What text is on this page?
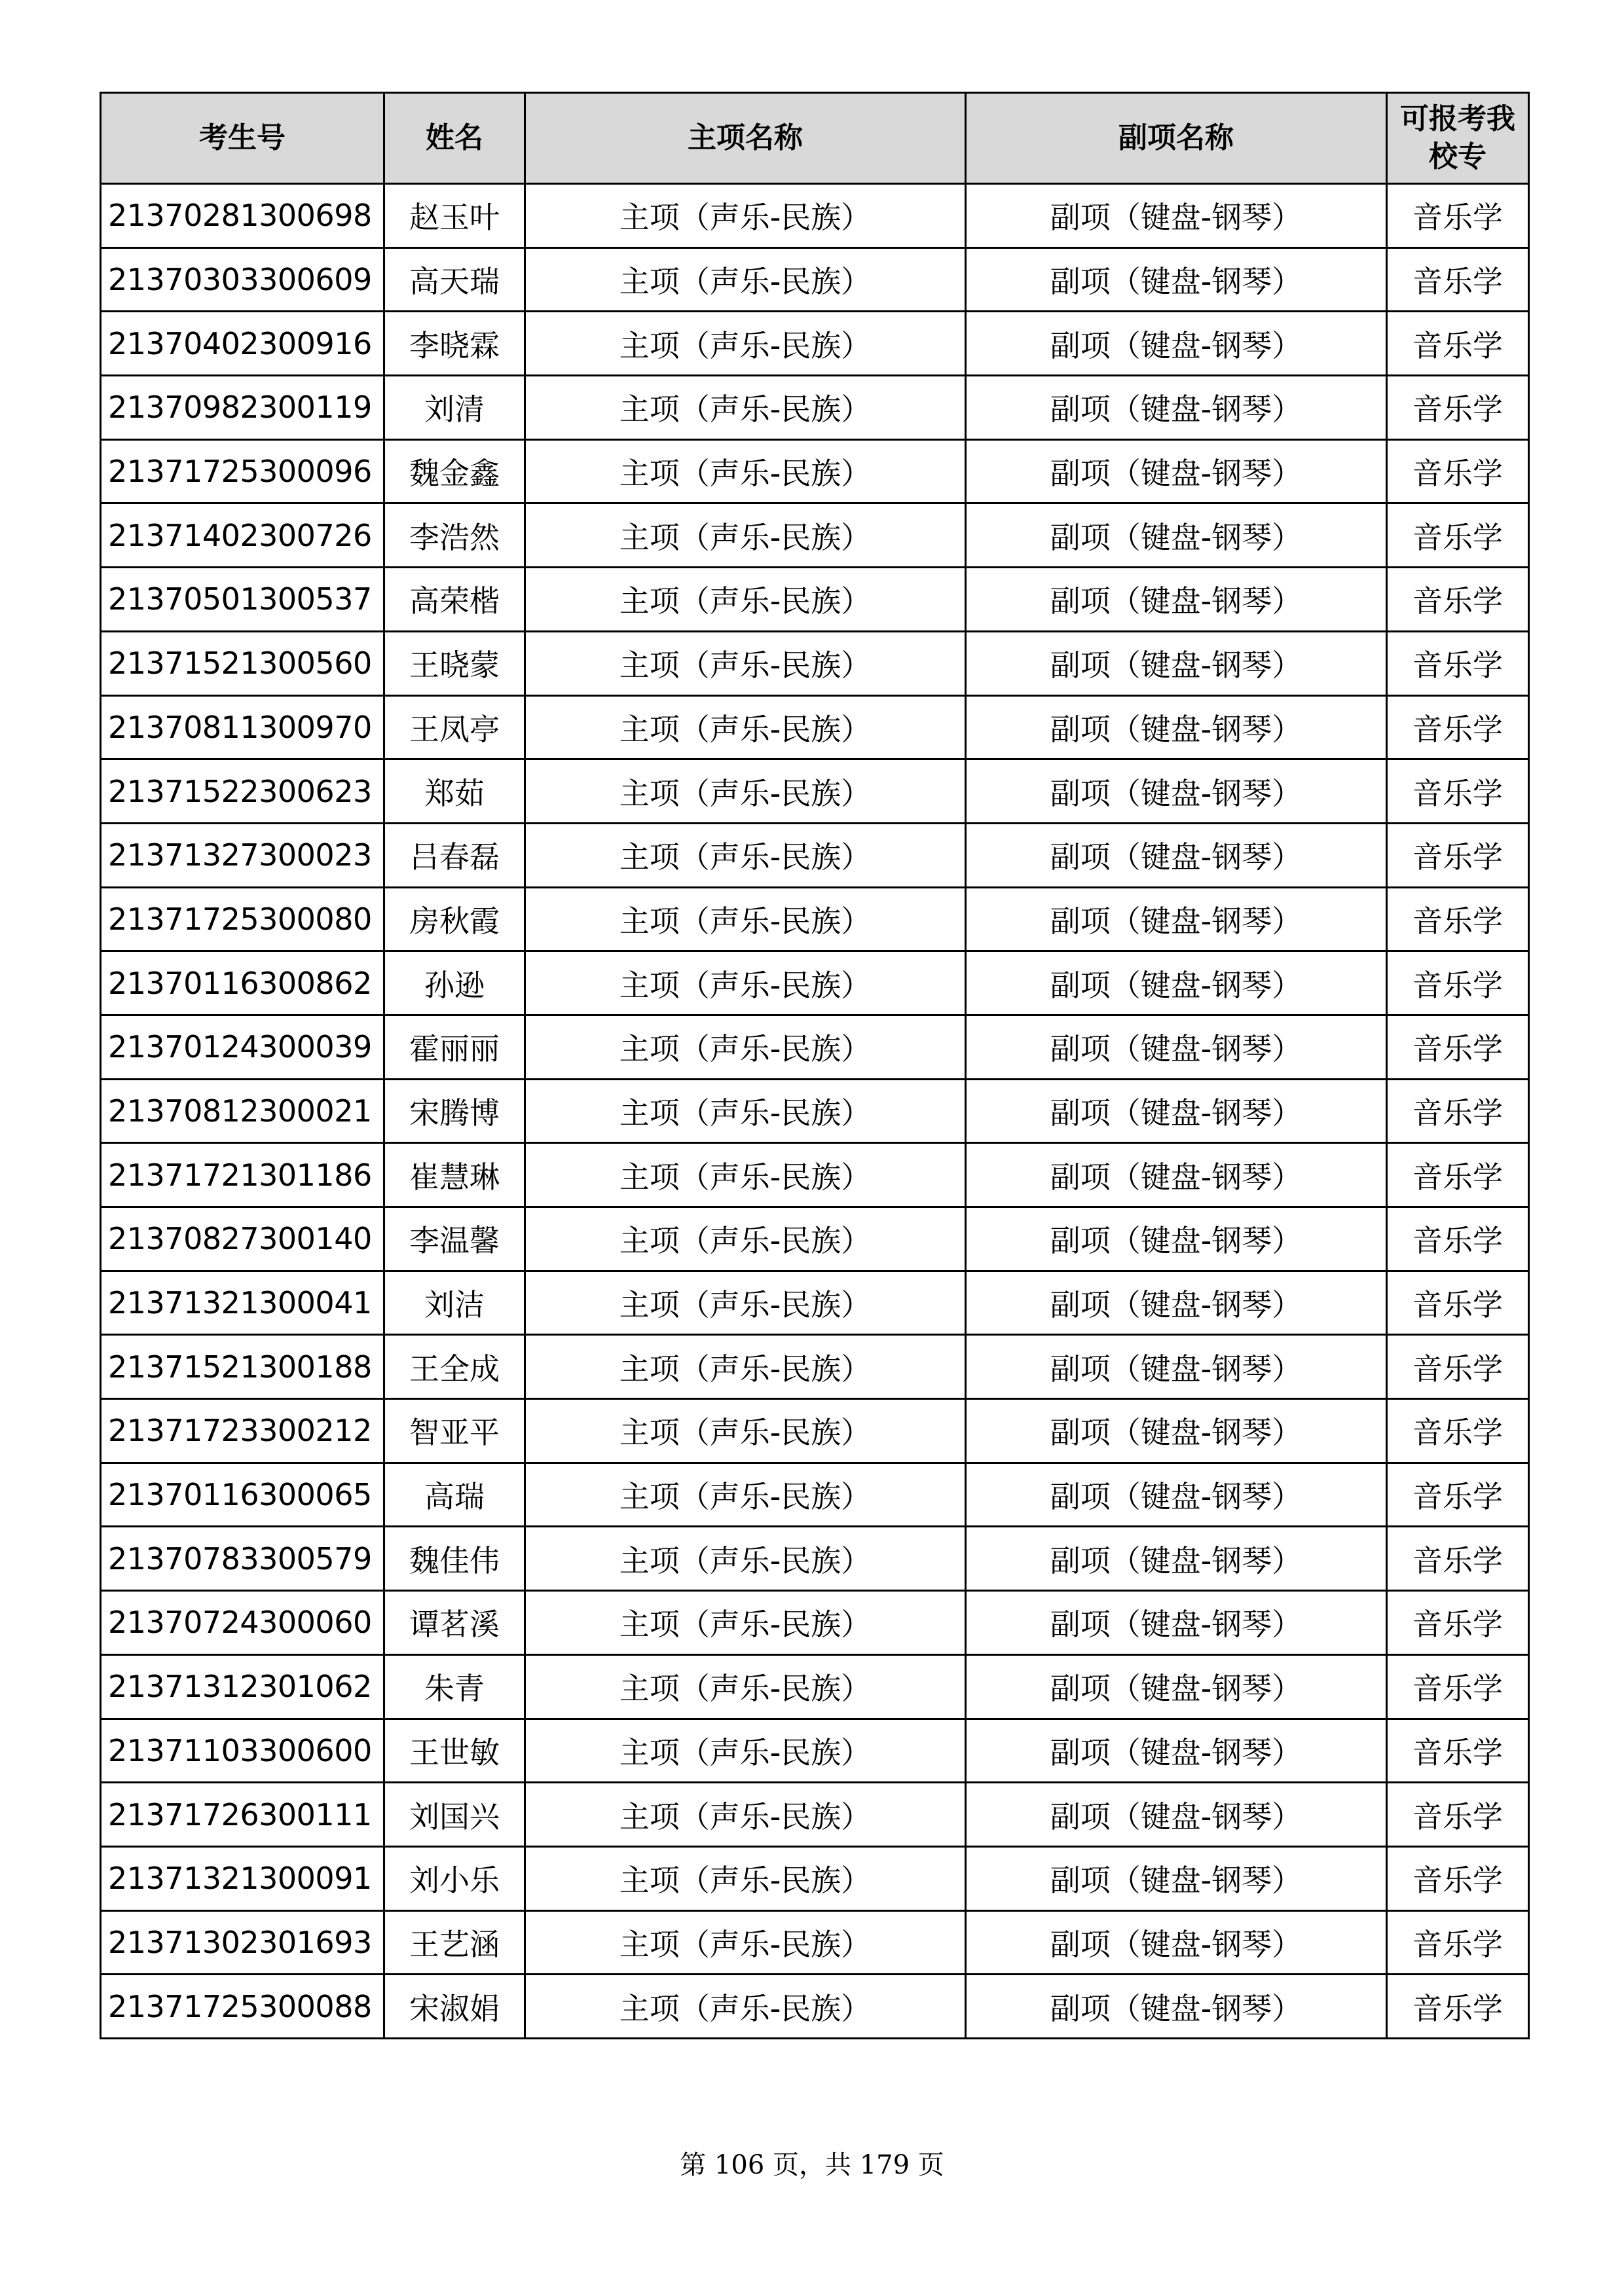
考生号	姓名	主项名称	副项名称	可报考我校专
21370281300698	赵玉叶	主项（声乐-民族）	副项（键盘-钢琴）	音乐学
21370303300609	高天瑞	主项（声乐-民族）	副项（键盘-钢琴）	音乐学
21370402300916	李晓霖	主项（声乐-民族）	副项（键盘-钢琴）	音乐学
21370982300119	刘清	主项（声乐-民族）	副项（键盘-钢琴）	音乐学
21371725300096	魏金鑫	主项（声乐-民族）	副项（键盘-钢琴）	音乐学
21371402300726	李浩然	主项（声乐-民族）	副项（键盘-钢琴）	音乐学
21370501300537	高荣楷	主项（声乐-民族）	副项（键盘-钢琴）	音乐学
21371521300560	王晓蒙	主项（声乐-民族）	副项（键盘-钢琴）	音乐学
21370811300970	王凤亭	主项（声乐-民族）	副项（键盘-钢琴）	音乐学
21371522300623	郑茹	主项（声乐-民族）	副项（键盘-钢琴）	音乐学
21371327300023	吕春磊	主项（声乐-民族）	副项（键盘-钢琴）	音乐学
21371725300080	房秋霞	主项（声乐-民族）	副项（键盘-钢琴）	音乐学
21370116300862	孙逊	主项（声乐-民族）	副项（键盘-钢琴）	音乐学
21370124300039	霍丽丽	主项（声乐-民族）	副项（键盘-钢琴）	音乐学
21370812300021	宋腾博	主项（声乐-民族）	副项（键盘-钢琴）	音乐学
21371721301186	崔慧琳	主项（声乐-民族）	副项（键盘-钢琴）	音乐学
21370827300140	李温馨	主项（声乐-民族）	副项（键盘-钢琴）	音乐学
21371321300041	刘洁	主项（声乐-民族）	副项（键盘-钢琴）	音乐学
21371521300188	王全成	主项（声乐-民族）	副项（键盘-钢琴）	音乐学
21371723300212	智亚平	主项（声乐-民族）	副项（键盘-钢琴）	音乐学
21370116300065	高瑞	主项（声乐-民族）	副项（键盘-钢琴）	音乐学
21370783300579	魏佳伟	主项（声乐-民族）	副项（键盘-钢琴）	音乐学
21370724300060	谭茗溪	主项（声乐-民族）	副项（键盘-钢琴）	音乐学
21371312301062	朱青	主项（声乐-民族）	副项（键盘-钢琴）	音乐学
21371103300600	王世敏	主项（声乐-民族）	副项（键盘-钢琴）	音乐学
21371726300111	刘国兴	主项（声乐-民族）	副项（键盘-钢琴）	音乐学
21371321300091	刘小乐	主项（声乐-民族）	副项（键盘-钢琴）	音乐学
21371302301693	王艺涵	主项（声乐-民族）	副项（键盘-钢琴）	音乐学
21371725300088	宋淑娟	主项（声乐-民族）	副项（键盘-钢琴）	音乐学
第 106 页，共 179 页
